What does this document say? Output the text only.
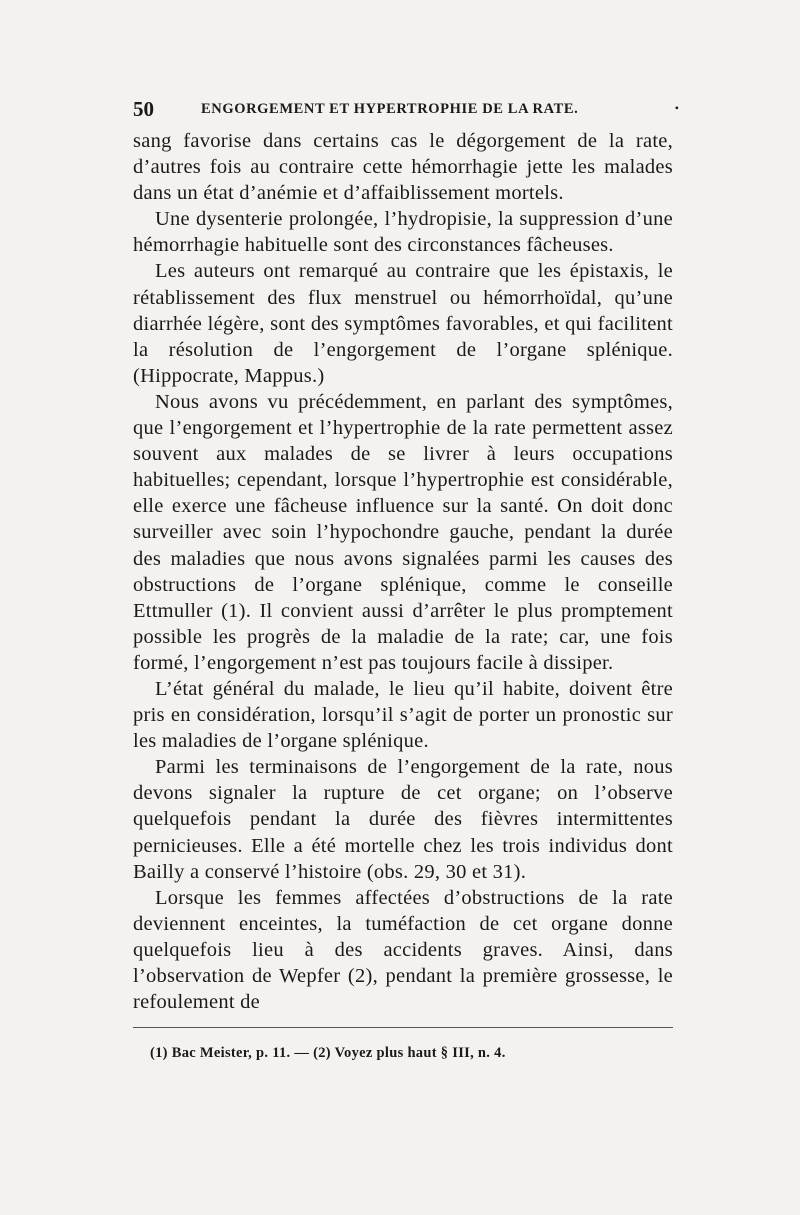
50	ENGORGEMENT ET HYPERTROPHIE DE LA RATE.	•

sang favorise dans certains cas le dégorgement de la rate, d’autres fois au contraire cette hémorrhagie jette les malades dans un état d’anémie et d’affaiblissement mortels.

Une dysenterie prolongée, l’hydropisie, la suppression d’une hémorrhagie habituelle sont des circonstances fâcheuses.

Les auteurs ont remarqué au contraire que les épistaxis, le rétablissement des flux menstruel ou hémorrhoïdal, qu’une diarrhée légère, sont des symptômes favorables, et qui facilitent la résolution de l’engorgement de l’organe splénique. (Hippocrate, Mappus.)

Nous avons vu précédemment, en parlant des symptômes, que l’engorgement et l’hypertrophie de la rate permettent assez souvent aux malades de se livrer à leurs occupations habituelles; cependant, lorsque l’hypertrophie est considérable, elle exerce une fâcheuse influence sur la santé. On doit donc surveiller avec soin l’hypochondre gauche, pendant la durée des maladies que nous avons signalées parmi les causes des obstructions de l’organe splénique, comme le conseille Ettmuller (1). Il convient aussi d’arrêter le plus promptement possible les progrès de la maladie de la rate; car, une fois formé, l’engorgement n’est pas toujours facile à dissiper.

L’état général du malade, le lieu qu’il habite, doivent être pris en considération, lorsqu’il s’agit de porter un pronostic sur les maladies de l’organe splénique.

Parmi les terminaisons de l’engorgement de la rate, nous devons signaler la rupture de cet organe; on l’observe quelquefois pendant la durée des fièvres intermittentes pernicieuses. Elle a été mortelle chez les trois individus dont Bailly a conservé l’histoire (obs. 29, 30 et 31).

Lorsque les femmes affectées d’obstructions de la rate deviennent enceintes, la tuméfaction de cet organe donne quelquefois lieu à des accidents graves. Ainsi, dans l’observation de Wepfer (2), pendant la première grossesse, le refoulement de

(1) Bac Meister, p. 11. — (2) Voyez plus haut § III, n. 4.
